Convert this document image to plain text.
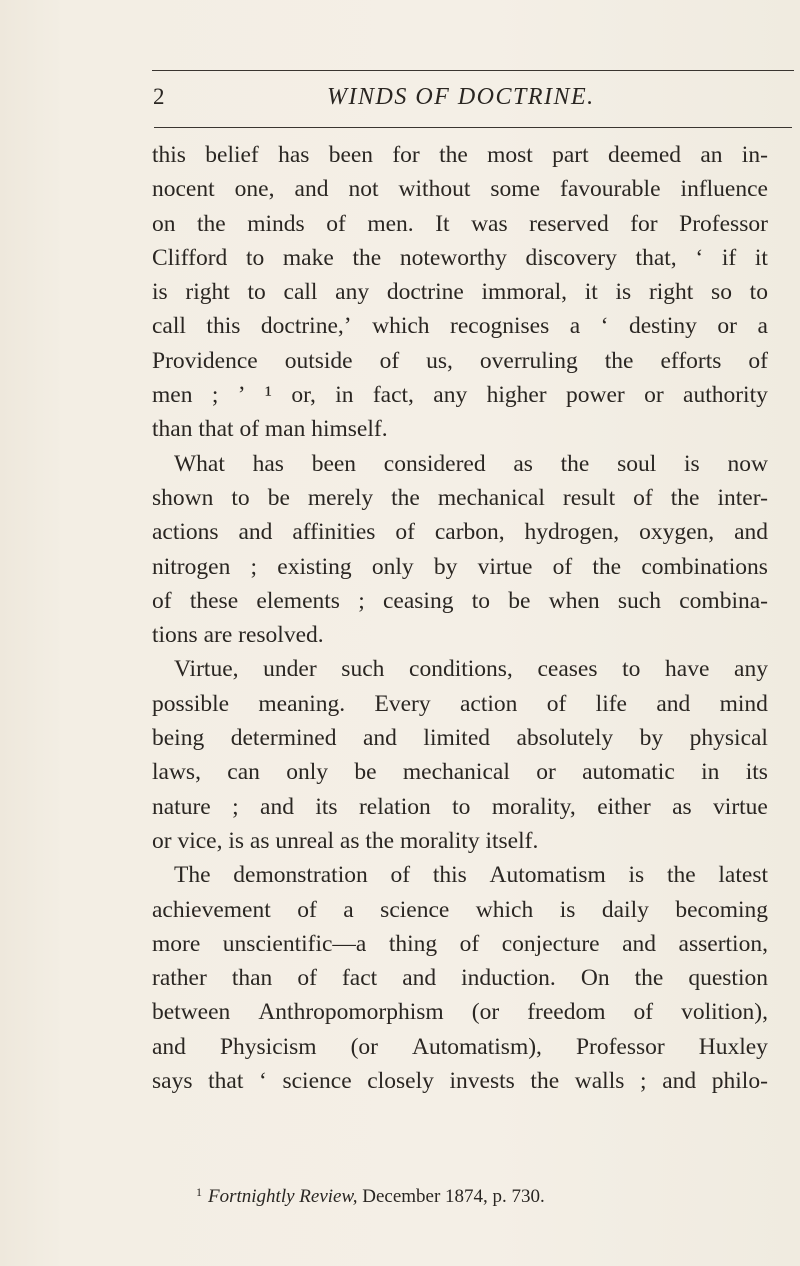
2	WINDS OF DOCTRINE.
this belief has been for the most part deemed an in-
nocent one, and not without some favourable influence
on the minds of men. It was reserved for Professor
Clifford to make the noteworthy discovery that, ‘ if it
is right to call any doctrine immoral, it is right so to
call this doctrine,’ which recognises a ‘ destiny or a
Providence outside of us, overruling the efforts of
men ; ’ ¹ or, in fact, any higher power or authority
than that of man himself.
What has been considered as the soul is now
shown to be merely the mechanical result of the inter-
actions and affinities of carbon, hydrogen, oxygen, and
nitrogen ; existing only by virtue of the combinations
of these elements ; ceasing to be when such combina-
tions are resolved.
Virtue, under such conditions, ceases to have any
possible meaning. Every action of life and mind
being determined and limited absolutely by physical
laws, can only be mechanical or automatic in its
nature ; and its relation to morality, either as virtue
or vice, is as unreal as the morality itself.
The demonstration of this Automatism is the latest
achievement of a science which is daily becoming
more unscientific—a thing of conjecture and assertion,
rather than of fact and induction. On the question
between Anthropomorphism (or freedom of volition),
and Physicism (or Automatism), Professor Huxley
says that ‘ science closely invests the walls ; and philo-
$^1$ Fortnightly Review, December 1874, p. 730.
